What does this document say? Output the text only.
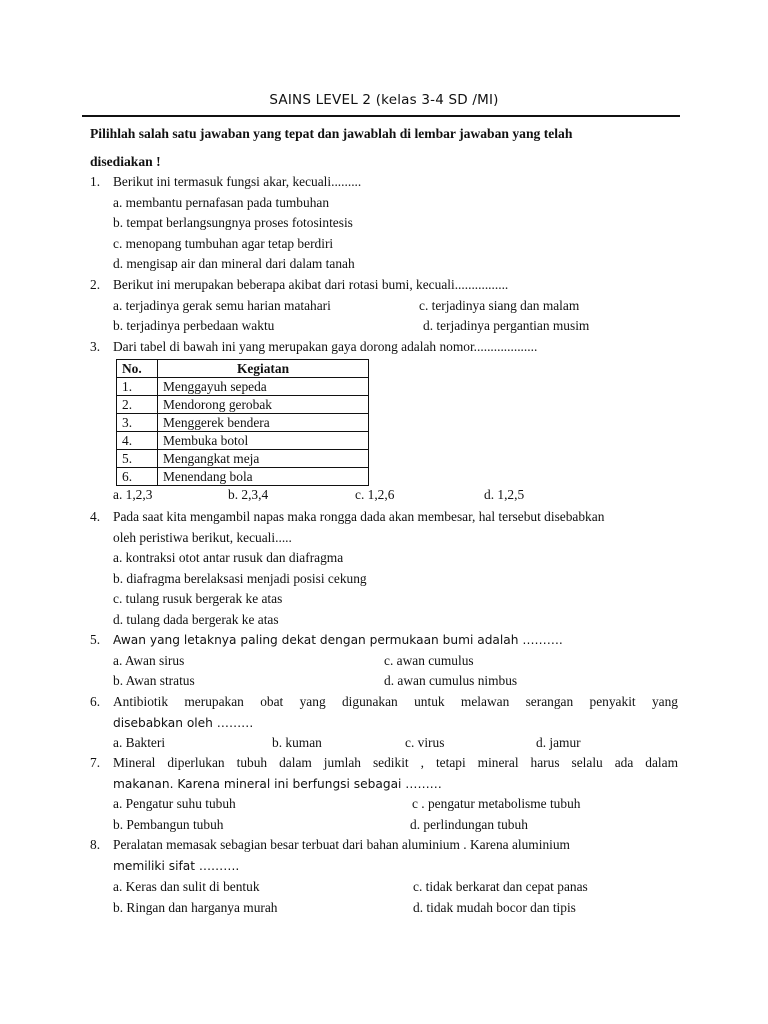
SAINS LEVEL 2 (kelas 3-4 SD /MI)
Pilihlah salah satu jawaban yang tepat dan jawablah di lembar jawaban yang telah
disediakan !
1. Berikut ini termasuk fungsi akar, kecuali.........
a. membantu pernafasan pada tumbuhan
b. tempat berlangsungnya proses fotosintesis
c. menopang tumbuhan agar tetap berdiri
d. mengisap air dan mineral dari dalam tanah
2. Berikut ini merupakan beberapa akibat dari rotasi bumi, kecuali................
a. terjadinya gerak semu harian matahari	c. terjadinya siang dan malam
b. terjadinya perbedaan waktu	d. terjadinya pergantian musim
3. Dari tabel di bawah ini yang merupakan gaya dorong adalah nomor...................
No.	Kegiatan
1.	Menggayuh sepeda
2.	Mendorong gerobak
3.	Menggerek bendera
4.	Membuka botol
5.	Mengangkat meja
6.	Menendang bola
a. 1,2,3	b. 2,3,4	c. 1,2,6	d. 1,2,5
4. Pada saat kita mengambil napas maka rongga dada akan membesar, hal tersebut disebabkan
oleh peristiwa berikut, kecuali.....
a. kontraksi otot antar rusuk dan diafragma
b. diafragma berelaksasi menjadi posisi cekung
c. tulang rusuk bergerak ke atas
d. tulang dada bergerak ke atas
5. Awan yang letaknya paling dekat dengan permukaan bumi adalah ……….
a. Awan sirus	c. awan cumulus
b. Awan stratus	d. awan cumulus nimbus
6. Antibiotik merupakan obat yang digunakan untuk melawan serangan penyakit yang
disebabkan oleh ………
a. Bakteri	b. kuman	c. virus	d. jamur
7. Mineral diperlukan tubuh dalam jumlah sedikit , tetapi mineral harus selalu ada dalam
makanan. Karena mineral ini berfungsi sebagai ………
a. Pengatur suhu tubuh	c . pengatur metabolisme tubuh
b. Pembangun tubuh	d. perlindungan tubuh
8. Peralatan memasak sebagian besar terbuat dari bahan aluminium . Karena aluminium
memiliki sifat ……….
a. Keras dan sulit di bentuk	c. tidak berkarat dan cepat panas
b. Ringan dan harganya murah	d. tidak mudah bocor dan tipis
